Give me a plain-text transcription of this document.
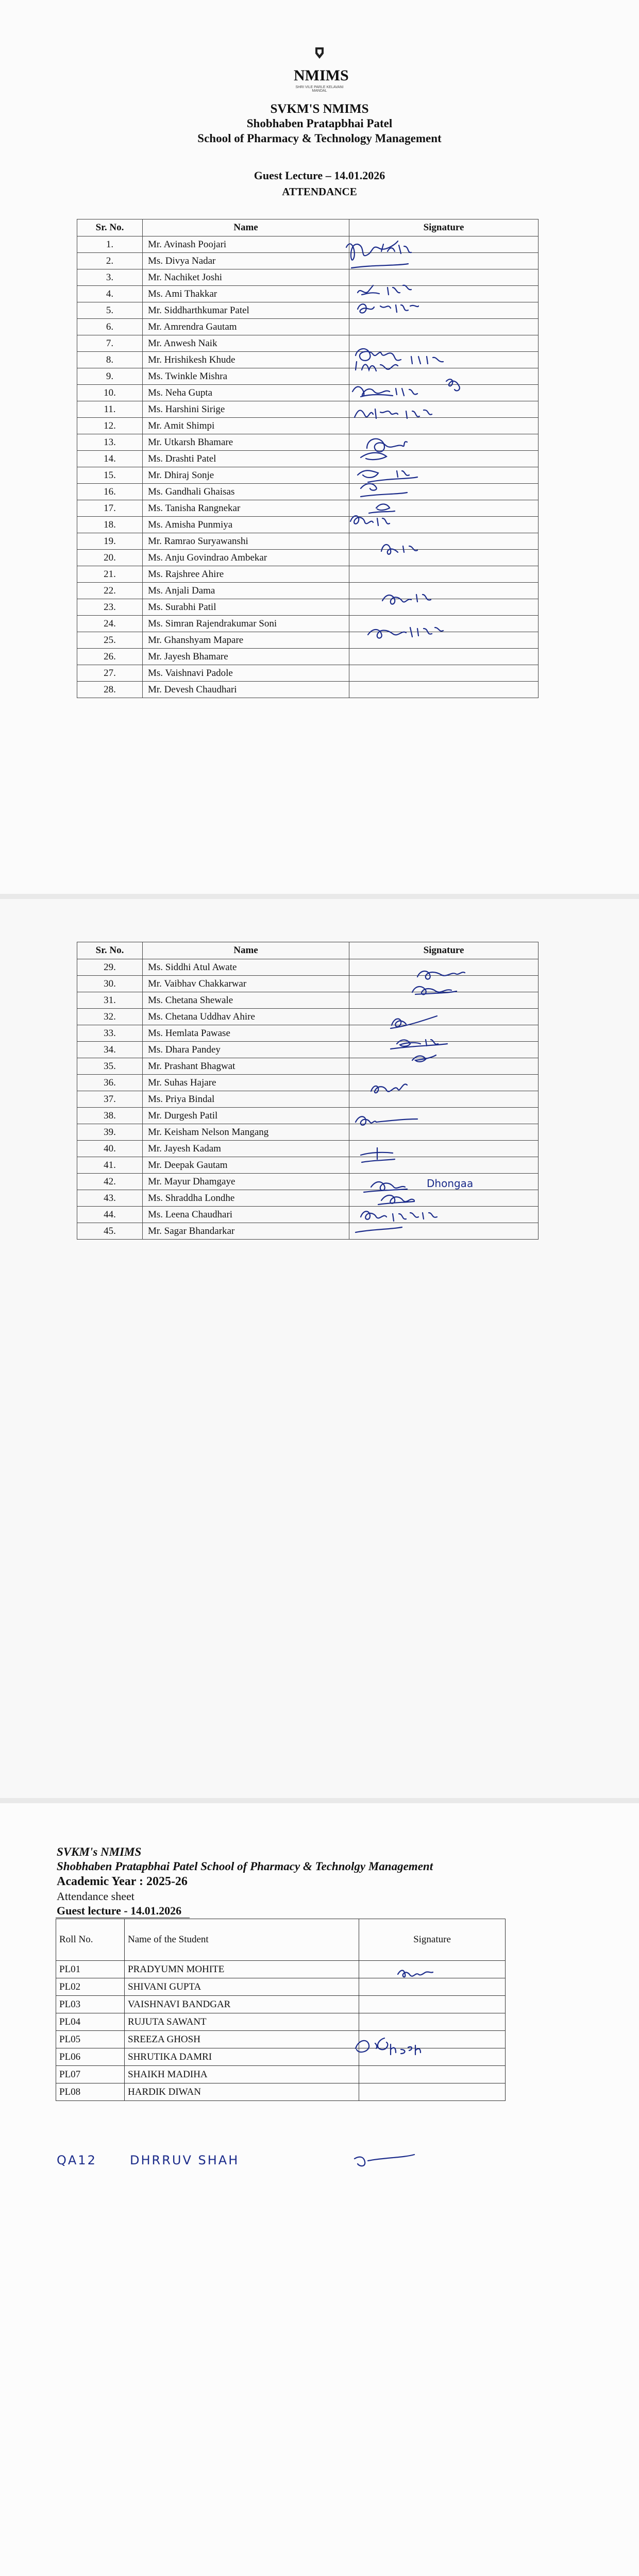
NMIMS
SHRI VILE PARLE KELAVANI MANDAL
SVKM'S NMIMS
Shobhaben Pratapbhai Patel
School of Pharmacy & Technology Management
Guest Lecture – 14.01.2026
ATTENDANCE
Sr. No.	Name	Signature
1.	Mr. Avinash Poojari	
2.	Ms. Divya Nadar	
3.	Mr. Nachiket Joshi	
4.	Ms. Ami Thakkar	
5.	Mr. Siddharthkumar Patel	
6.	Mr. Amrendra Gautam	
7.	Mr. Anwesh Naik	
8.	Mr. Hrishikesh Khude	
9.	Ms. Twinkle Mishra	
10.	Ms. Neha Gupta	
11.	Ms. Harshini Sirige	
12.	Mr. Amit Shimpi	
13.	Mr. Utkarsh Bhamare	
14.	Ms. Drashti Patel	
15.	Mr. Dhiraj Sonje	
16.	Ms. Gandhali Ghaisas	
17.	Ms. Tanisha Rangnekar	
18.	Ms. Amisha Punmiya	
19.	Mr. Ramrao Suryawanshi	
20.	Ms. Anju Govindrao Ambekar	
21.	Ms. Rajshree Ahire	
22.	Ms. Anjali Dama	
23.	Ms. Surabhi Patil	
24.	Ms. Simran Rajendrakumar Soni	
25.	Mr. Ghanshyam Mapare	
26.	Mr. Jayesh Bhamare	
27.	Ms. Vaishnavi Padole	
28.	Mr. Devesh Chaudhari	
Sr. No.	Name	Signature
29.	Ms. Siddhi Atul Awate	
30.	Mr. Vaibhav Chakkarwar	
31.	Ms. Chetana Shewale	
32.	Ms. Chetana Uddhav Ahire	
33.	Ms. Hemlata Pawase	
34.	Ms. Dhara Pandey	
35.	Mr. Prashant Bhagwat	
36.	Mr. Suhas Hajare	
37.	Ms. Priya Bindal	
38.	Mr. Durgesh Patil	
39.	Mr. Keisham Nelson Mangang	
40.	Mr. Jayesh Kadam	
41.	Mr. Deepak Gautam	
42.	Mr. Mayur Dhamgaye	
43.	Ms. Shraddha Londhe	
44.	Ms. Leena Chaudhari	
45.	Mr. Sagar Bhandarkar	
Dhongaa
SVKM's NMIMS
Shobhaben Pratapbhai Patel School of Pharmacy & Technolgy Management
Academic Year : 2025-26
Attendance sheet
Guest lecture - 14.01.2026
Roll No.	Name of the Student	Signature
PL01	PRADYUMN MOHITE	
PL02	SHIVANI GUPTA	
PL03	VAISHNAVI BANDGAR	
PL04	RUJUTA SAWANT	
PL05	SREEZA GHOSH	
PL06	SHRUTIKA DAMRI	
PL07	SHAIKH MADIHA	
PL08	HARDIK DIWAN	
QA12	DHRRUV SHAH
